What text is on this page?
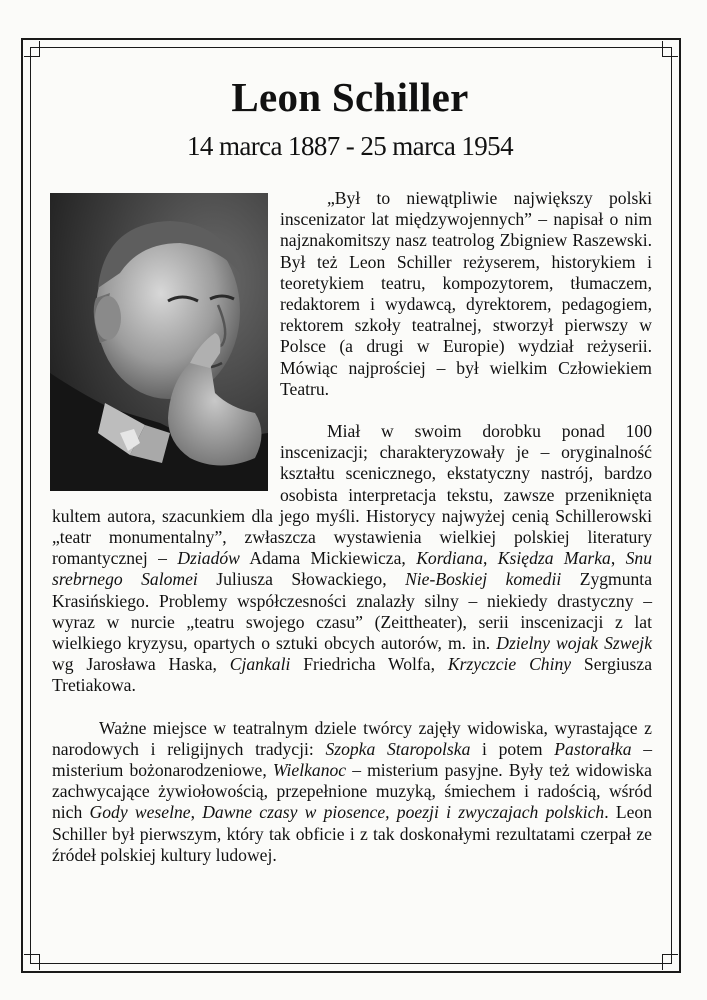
Leon Schiller
14 marca 1887 - 25 marca 1954

„Był to niewątpliwie największy polski inscenizator lat międzywojennych” – napisał o nim najznakomitszy nasz teatrolog Zbigniew Raszewski. Był też Leon Schiller reżyserem, historykiem i teoretykiem teatru, kompozytorem, tłumaczem, redaktorem i wydawcą, dyrektorem, pedagogiem, rektorem szkoły teatralnej, stworzył pierwszy w Polsce (a drugi w Europie) wydział reżyserii. Mówiąc najprościej – był wielkim Człowiekiem Teatru.

Miał w swoim dorobku ponad 100 inscenizacji; charakteryzowały je – oryginalność kształtu scenicznego, ekstatyczny nastrój, bardzo osobista interpretacja tekstu, zawsze przeniknięta kultem autora, szacunkiem dla jego myśli. Historycy najwyżej cenią Schillerowski „teatr monumentalny”, zwłaszcza wystawienia wielkiej polskiej literatury romantycznej – Dziadów Adama Mickiewicza, Kordiana, Księdza Marka, Snu srebrnego Salomei Juliusza Słowackiego, Nie-Boskiej komedii Zygmunta Krasińskiego. Problemy współczesności znalazły silny – niekiedy drastyczny – wyraz w nurcie „teatru swojego czasu” (Zeittheater), serii inscenizacji z lat wielkiego kryzysu, opartych o sztuki obcych autorów, m. in. Dzielny wojak Szwejk wg Jarosława Haska, Cjankali Friedricha Wolfa, Krzyczcie Chiny Sergiusza Tretiakowa.

Ważne miejsce w teatralnym dziele twórcy zajęły widowiska, wyrastające z narodowych i religijnych tradycji: Szopka Staropolska i potem Pastorałka – misterium bożonarodzeniowe, Wielkanoc – misterium pasyjne. Były też widowiska zachwycające żywiołowością, przepełnione muzyką, śmiechem i radością, wśród nich Gody weselne, Dawne czasy w piosence, poezji i zwyczajach polskich. Leon Schiller był pierwszym, który tak obficie i z tak doskonałymi rezultatami czerpał ze źródeł polskiej kultury ludowej.
